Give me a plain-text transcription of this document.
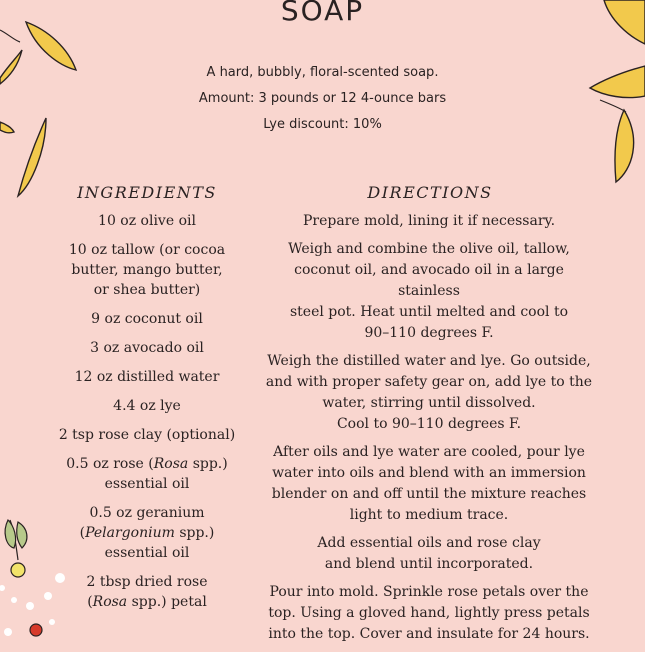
SOAP
A hard, bubbly, floral-scented soap.
Amount: 3 pounds or 12 4-ounce bars
Lye discount: 10%
INGREDIENTS	DIRECTIONS
10 oz olive oil
10 oz tallow (or cocoa
butter, mango butter,
or shea butter)
9 oz coconut oil
3 oz avocado oil
12 oz distilled water
4.4 oz lye
2 tsp rose clay (optional)
0.5 oz rose (Rosa spp.)
essential oil
0.5 oz geranium
(Pelargonium spp.)
essential oil
2 tbsp dried rose
(Rosa spp.) petal
Prepare mold, lining it if necessary.
Weigh and combine the olive oil, tallow,
coconut oil, and avocado oil in a large stainless
steel pot. Heat until melted and cool to
90–110 degrees F.
Weigh the distilled water and lye. Go outside,
and with proper safety gear on, add lye to the
water, stirring until dissolved.
Cool to 90–110 degrees F.
After oils and lye water are cooled, pour lye
water into oils and blend with an immersion
blender on and off until the mixture reaches
light to medium trace.
Add essential oils and rose clay
and blend until incorporated.
Pour into mold. Sprinkle rose petals over the
top. Using a gloved hand, lightly press petals
into the top. Cover and insulate for 24 hours.
